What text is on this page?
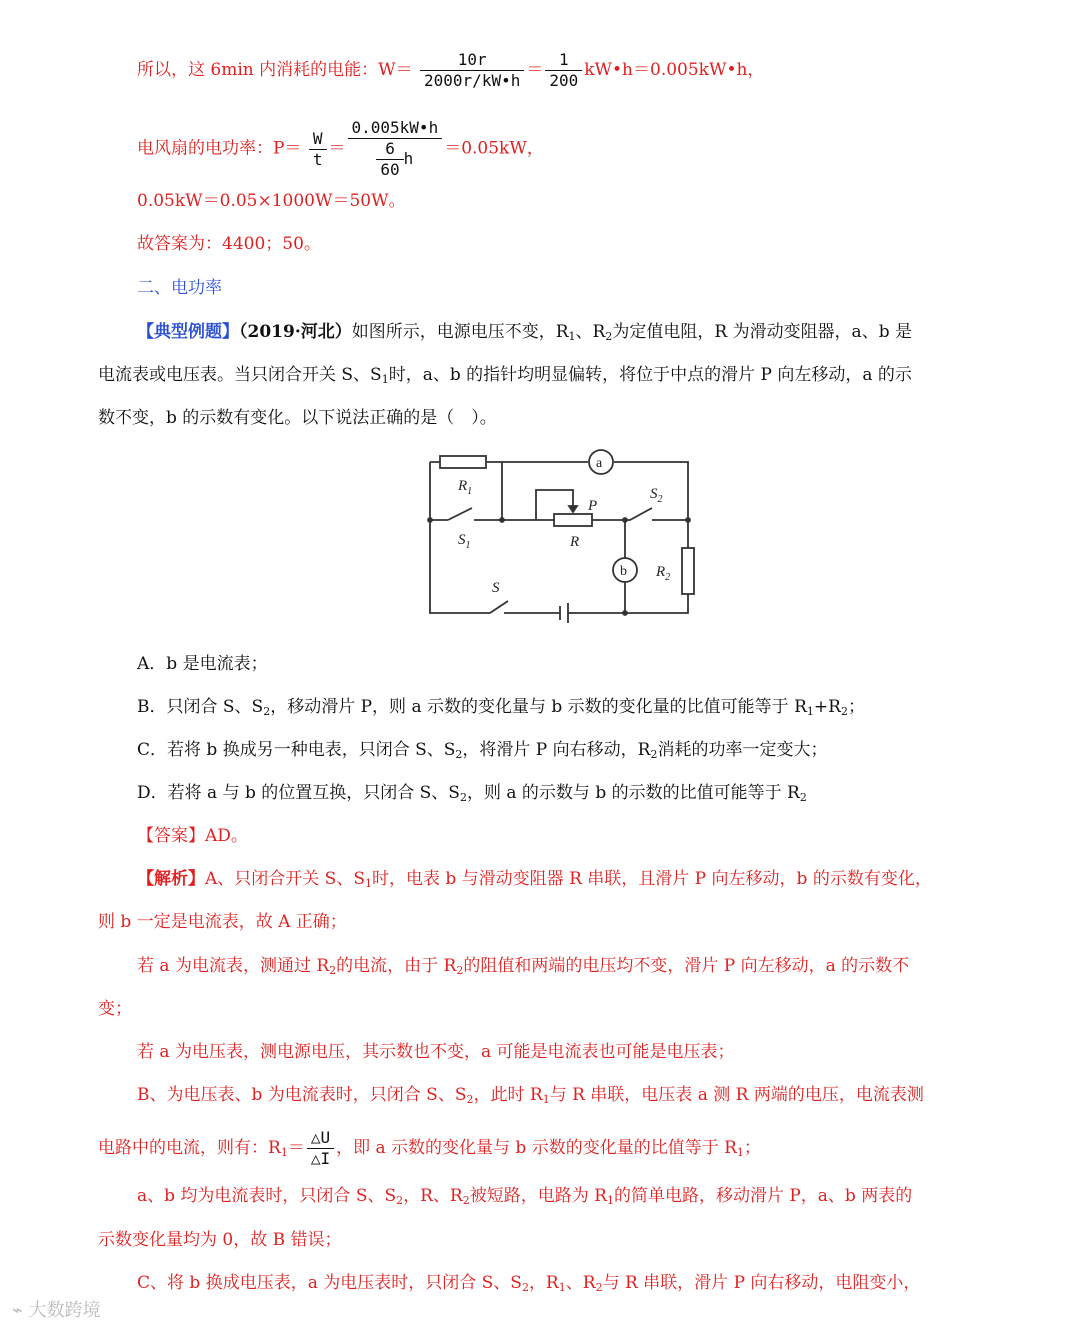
所以，这 6min 内消耗的电能：$W= \frac{10r}{2000r/kW•h} = \frac{1}{200}$ kW•h＝0.005kW•h，
电风扇的电功率：$P= \frac{W}{t} = \frac{0.005kW•h}{\frac{6}{60} h} =0.05kW$，
0.05kW＝0.05×1000W＝50W。
故答案为：4400；50。
二、电功率
【典型例题】（2019·河北）如图所示，电源电压不变，$R_1$、$R_2$为定值电阻，R 为滑动变阻器，a、b 是
电流表或电压表。当只闭合开关 S、$S_1$时，a、b 的指针均明显偏转，将位于中点的滑片 P 向左移动，a 的示
数不变，b 的示数有变化。以下说法正确的是（　）。
$R_1$
$S_1$
P
R
$S_2$
a
b $R_2$
S
A．b 是电流表；
B．只闭合 S、$S_2$，移动滑片 P，则 a 示数的变化量与 b 示数的变化量的比值可能等于 $R_1+R_2$；
C．若将 b 换成另一种电表，只闭合 S、$S_2$，将滑片 P 向右移动，$R_2$消耗的功率一定变大；
D．若将 a 与 b 的位置互换，只闭合 S、$S_2$，则 a 的示数与 b 的示数的比值可能等于 $R_2$
【答案】AD。
【解析】A、只闭合开关 S、$S_1$时，电表 b 与滑动变阻器 R 串联，且滑片 P 向左移动，b 的示数有变化，
则 b 一定是电流表，故 A 正确；
若 a 为电流表，测通过 $R_2$的电流，由于 $R_2$的阻值和两端的电压均不变，滑片 P 向左移动，a 的示数不
变；
若 a 为电压表，测电源电压，其示数也不变，a 可能是电流表也可能是电压表；
B、为电压表、b 为电流表时，只闭合 S、$S_2$，此时 $R_1$与 R 串联，电压表 a 测 R 两端的电压，电流表测
电路中的电流，则有：$R_1= \frac{\triangle U}{\triangle I}$ ，即 a 示数的变化量与 b 示数的变化量的比值等于 $R_1$；
a、b 均为电流表时，只闭合 S、$S_2$，R、$R_2$被短路，电路为 $R_1$的简单电路，移动滑片 P，a、b 两表的
示数变化量均为 0，故 B 错误；
C、将 b 换成电压表，a 为电压表时，只闭合 S、$S_2$，$R_1$、$R_2$与 R 串联，滑片 P 向右移动，电阻变小，
⌁ 大数跨境
